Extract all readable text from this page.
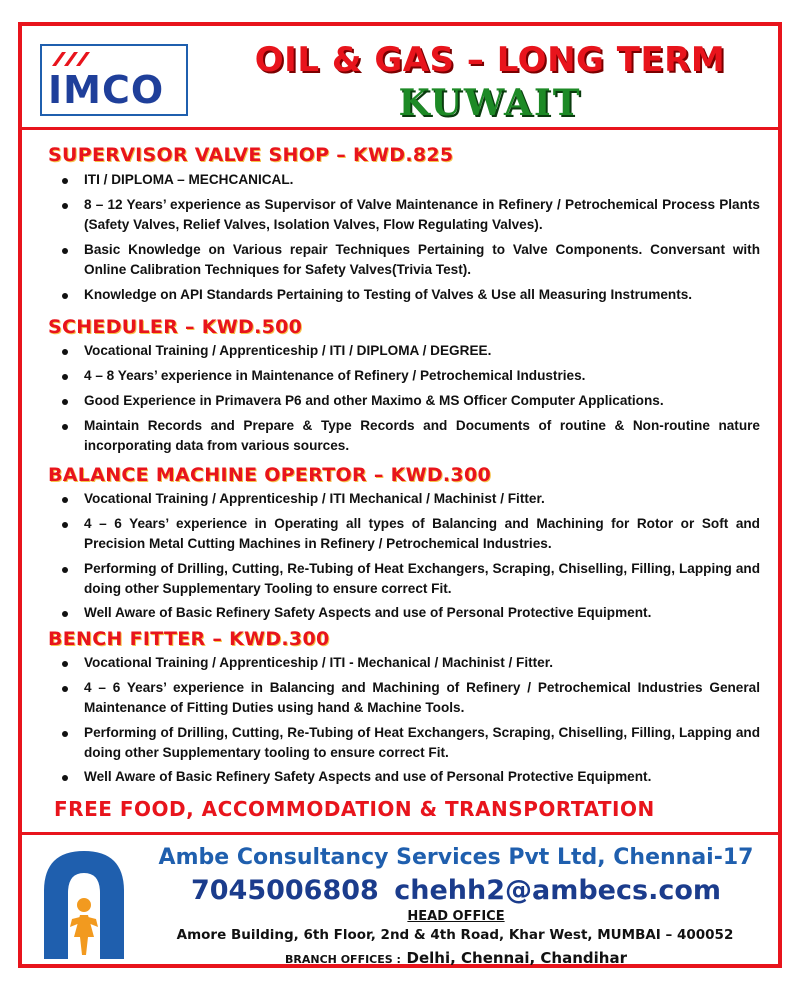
IMCO
OIL & GAS – LONG TERM
KUWAIT
SUPERVISOR VALVE SHOP – KWD.825
ITI / DIPLOMA – MECHCANICAL.
8 – 12 Years’ experience as Supervisor of Valve Maintenance in Refinery / Petrochemical Process Plants (Safety Valves, Relief Valves, Isolation Valves, Flow Regulating Valves).
Basic Knowledge on Various repair Techniques Pertaining to Valve Components. Conversant with Online Calibration Techniques for Safety Valves(Trivia Test).
Knowledge on API Standards Pertaining to Testing of Valves & Use all Measuring Instruments.
SCHEDULER – KWD.500
Vocational Training / Apprenticeship / ITI / DIPLOMA / DEGREE.
4 – 8 Years’ experience in Maintenance of Refinery / Petrochemical Industries.
Good Experience in Primavera P6 and other Maximo & MS Officer Computer Applications.
Maintain Records and Prepare & Type Records and Documents of routine & Non-routine nature incorporating data from various sources.
BALANCE MACHINE OPERTOR – KWD.300
Vocational Training / Apprenticeship / ITI Mechanical / Machinist / Fitter.
4 – 6 Years’ experience in Operating all types of Balancing and Machining for Rotor or Soft and Precision Metal Cutting Machines in Refinery / Petrochemical Industries.
Performing of Drilling, Cutting, Re-Tubing of Heat Exchangers, Scraping, Chiselling, Filling, Lapping and doing other Supplementary Tooling to ensure correct Fit.
Well Aware of Basic Refinery Safety Aspects and use of Personal Protective Equipment.
BENCH FITTER – KWD.300
Vocational Training / Apprenticeship / ITI - Mechanical / Machinist / Fitter.
4 – 6 Years’ experience in Balancing and Machining of Refinery / Petrochemical Industries General Maintenance of Fitting Duties using hand & Machine Tools.
Performing of Drilling, Cutting, Re-Tubing of Heat Exchangers, Scraping, Chiselling, Filling, Lapping and doing other Supplementary tooling to ensure correct Fit.
Well Aware of Basic Refinery Safety Aspects and use of Personal Protective Equipment.
FREE FOOD, ACCOMMODATION & TRANSPORTATION
Ambe Consultancy Services Pvt Ltd, Chennai-17
7045006808 chehh2@ambecs.com
HEAD OFFICE
Amore Building, 6th Floor, 2nd & 4th Road, Khar West, MUMBAI – 400052
BRANCH OFFICES : Delhi, Chennai, Chandihar
